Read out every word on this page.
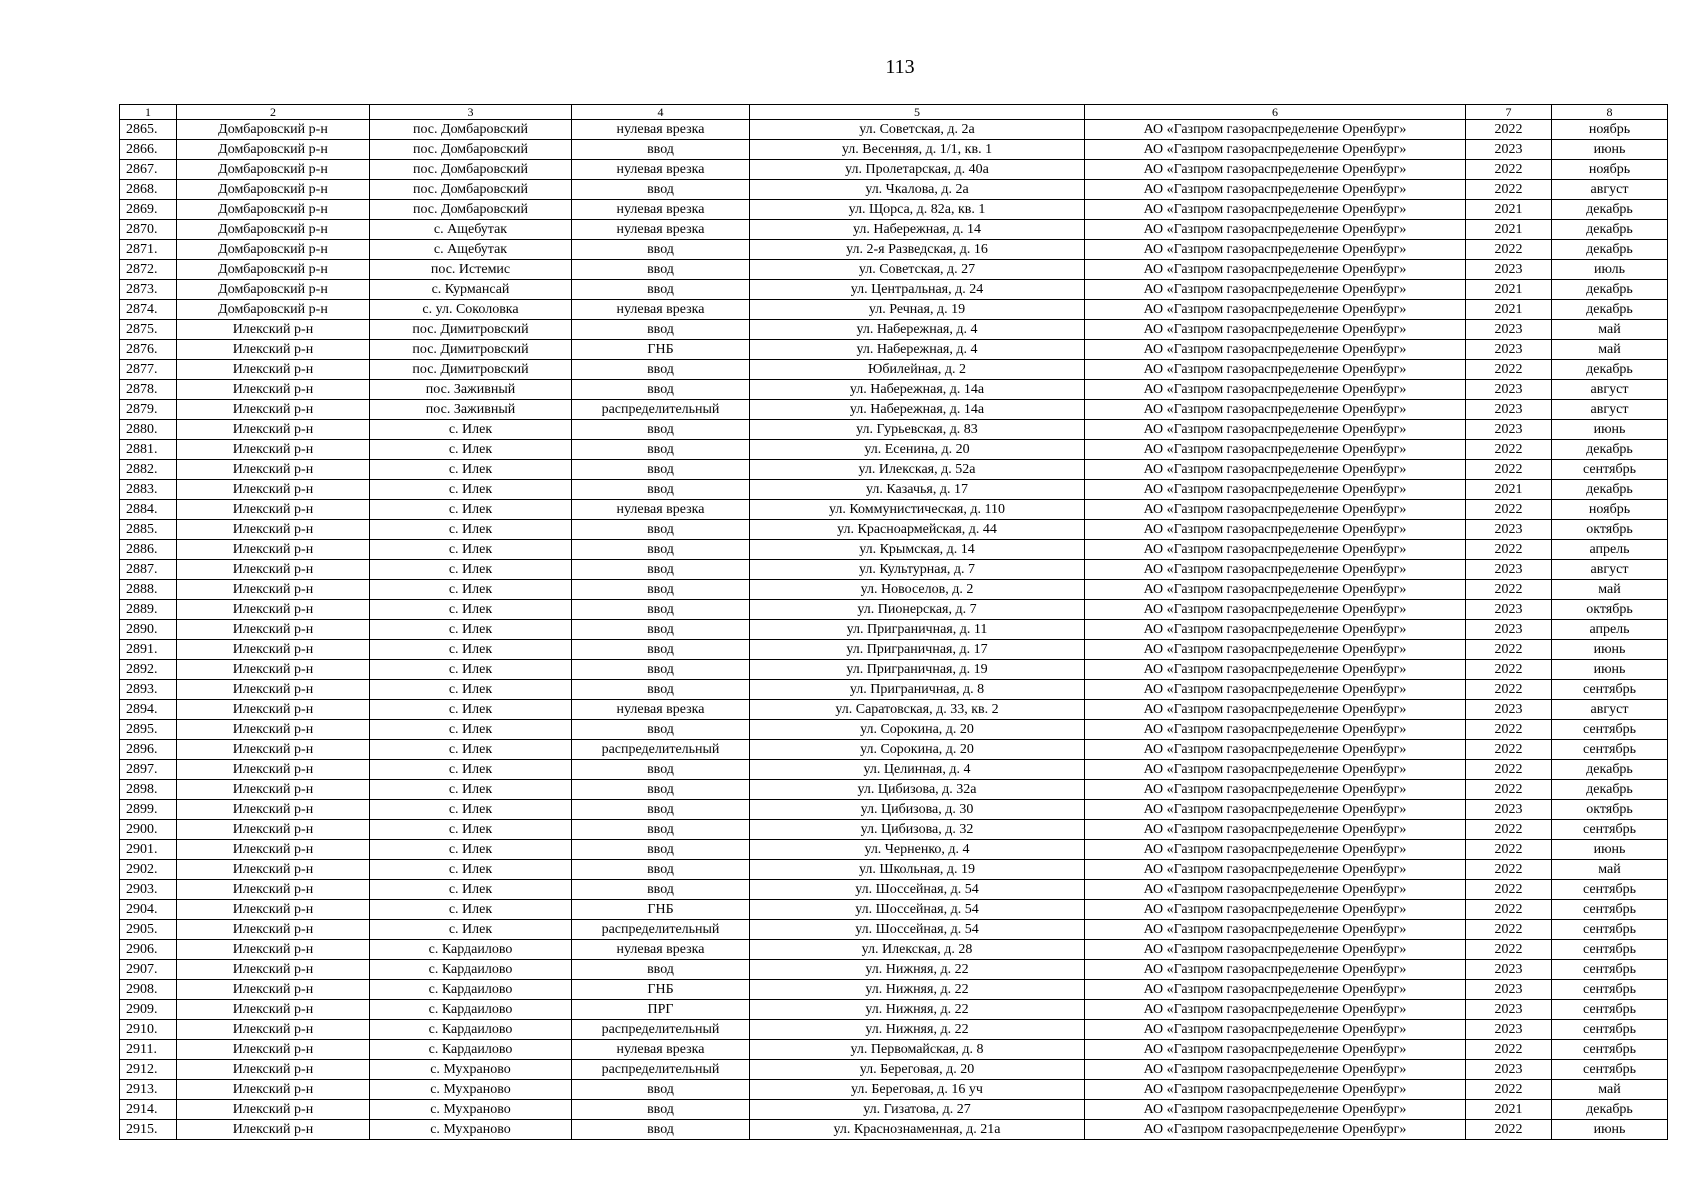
113
1	2	3	4	5	6	7	8
2865.	Домбаровский р-н	пос. Домбаровский	нулевая врезка	ул. Советская, д. 2а	АО «Газпром газораспределение Оренбург»	2022	ноябрь
2866.	Домбаровский р-н	пос. Домбаровский	ввод	ул. Весенняя, д. 1/1, кв. 1	АО «Газпром газораспределение Оренбург»	2023	июнь
2867.	Домбаровский р-н	пос. Домбаровский	нулевая врезка	ул. Пролетарская, д. 40а	АО «Газпром газораспределение Оренбург»	2022	ноябрь
2868.	Домбаровский р-н	пос. Домбаровский	ввод	ул. Чкалова, д. 2а	АО «Газпром газораспределение Оренбург»	2022	август
2869.	Домбаровский р-н	пос. Домбаровский	нулевая врезка	ул. Щорса, д. 82а, кв. 1	АО «Газпром газораспределение Оренбург»	2021	декабрь
2870.	Домбаровский р-н	с. Ащебутак	нулевая врезка	ул. Набережная, д. 14	АО «Газпром газораспределение Оренбург»	2021	декабрь
2871.	Домбаровский р-н	с. Ащебутак	ввод	ул. 2-я Разведская, д. 16	АО «Газпром газораспределение Оренбург»	2022	декабрь
2872.	Домбаровский р-н	пос. Истемис	ввод	ул. Советская, д. 27	АО «Газпром газораспределение Оренбург»	2023	июль
2873.	Домбаровский р-н	с. Курмансай	ввод	ул. Центральная, д. 24	АО «Газпром газораспределение Оренбург»	2021	декабрь
2874.	Домбаровский р-н	с. ул. Соколовка	нулевая врезка	ул. Речная, д. 19	АО «Газпром газораспределение Оренбург»	2021	декабрь
2875.	Илекский р-н	пос. Димитровский	ввод	ул. Набережная, д. 4	АО «Газпром газораспределение Оренбург»	2023	май
2876.	Илекский р-н	пос. Димитровский	ГНБ	ул. Набережная, д. 4	АО «Газпром газораспределение Оренбург»	2023	май
2877.	Илекский р-н	пос. Димитровский	ввод	Юбилейная, д. 2	АО «Газпром газораспределение Оренбург»	2022	декабрь
2878.	Илекский р-н	пос. Заживный	ввод	ул. Набережная, д. 14а	АО «Газпром газораспределение Оренбург»	2023	август
2879.	Илекский р-н	пос. Заживный	распределительный	ул. Набережная, д. 14а	АО «Газпром газораспределение Оренбург»	2023	август
2880.	Илекский р-н	с. Илек	ввод	ул. Гурьевская, д. 83	АО «Газпром газораспределение Оренбург»	2023	июнь
2881.	Илекский р-н	с. Илек	ввод	ул. Есенина, д. 20	АО «Газпром газораспределение Оренбург»	2022	декабрь
2882.	Илекский р-н	с. Илек	ввод	ул. Илекская, д. 52а	АО «Газпром газораспределение Оренбург»	2022	сентябрь
2883.	Илекский р-н	с. Илек	ввод	ул. Казачья, д. 17	АО «Газпром газораспределение Оренбург»	2021	декабрь
2884.	Илекский р-н	с. Илек	нулевая врезка	ул. Коммунистическая, д. 110	АО «Газпром газораспределение Оренбург»	2022	ноябрь
2885.	Илекский р-н	с. Илек	ввод	ул. Красноармейская, д. 44	АО «Газпром газораспределение Оренбург»	2023	октябрь
2886.	Илекский р-н	с. Илек	ввод	ул. Крымская, д. 14	АО «Газпром газораспределение Оренбург»	2022	апрель
2887.	Илекский р-н	с. Илек	ввод	ул. Культурная, д. 7	АО «Газпром газораспределение Оренбург»	2023	август
2888.	Илекский р-н	с. Илек	ввод	ул. Новоселов, д. 2	АО «Газпром газораспределение Оренбург»	2022	май
2889.	Илекский р-н	с. Илек	ввод	ул. Пионерская, д. 7	АО «Газпром газораспределение Оренбург»	2023	октябрь
2890.	Илекский р-н	с. Илек	ввод	ул. Приграничная, д. 11	АО «Газпром газораспределение Оренбург»	2023	апрель
2891.	Илекский р-н	с. Илек	ввод	ул. Приграничная, д. 17	АО «Газпром газораспределение Оренбург»	2022	июнь
2892.	Илекский р-н	с. Илек	ввод	ул. Приграничная, д. 19	АО «Газпром газораспределение Оренбург»	2022	июнь
2893.	Илекский р-н	с. Илек	ввод	ул. Приграничная, д. 8	АО «Газпром газораспределение Оренбург»	2022	сентябрь
2894.	Илекский р-н	с. Илек	нулевая врезка	ул. Саратовская, д. 33, кв. 2	АО «Газпром газораспределение Оренбург»	2023	август
2895.	Илекский р-н	с. Илек	ввод	ул. Сорокина, д. 20	АО «Газпром газораспределение Оренбург»	2022	сентябрь
2896.	Илекский р-н	с. Илек	распределительный	ул. Сорокина, д. 20	АО «Газпром газораспределение Оренбург»	2022	сентябрь
2897.	Илекский р-н	с. Илек	ввод	ул. Целинная, д. 4	АО «Газпром газораспределение Оренбург»	2022	декабрь
2898.	Илекский р-н	с. Илек	ввод	ул. Цибизова, д. 32а	АО «Газпром газораспределение Оренбург»	2022	декабрь
2899.	Илекский р-н	с. Илек	ввод	ул. Цибизова, д. 30	АО «Газпром газораспределение Оренбург»	2023	октябрь
2900.	Илекский р-н	с. Илек	ввод	ул. Цибизова, д. 32	АО «Газпром газораспределение Оренбург»	2022	сентябрь
2901.	Илекский р-н	с. Илек	ввод	ул. Черненко, д. 4	АО «Газпром газораспределение Оренбург»	2022	июнь
2902.	Илекский р-н	с. Илек	ввод	ул. Школьная, д. 19	АО «Газпром газораспределение Оренбург»	2022	май
2903.	Илекский р-н	с. Илек	ввод	ул. Шоссейная, д. 54	АО «Газпром газораспределение Оренбург»	2022	сентябрь
2904.	Илекский р-н	с. Илек	ГНБ	ул. Шоссейная, д. 54	АО «Газпром газораспределение Оренбург»	2022	сентябрь
2905.	Илекский р-н	с. Илек	распределительный	ул. Шоссейная, д. 54	АО «Газпром газораспределение Оренбург»	2022	сентябрь
2906.	Илекский р-н	с. Кардаилово	нулевая врезка	ул. Илекская, д. 28	АО «Газпром газораспределение Оренбург»	2022	сентябрь
2907.	Илекский р-н	с. Кардаилово	ввод	ул. Нижняя, д. 22	АО «Газпром газораспределение Оренбург»	2023	сентябрь
2908.	Илекский р-н	с. Кардаилово	ГНБ	ул. Нижняя, д. 22	АО «Газпром газораспределение Оренбург»	2023	сентябрь
2909.	Илекский р-н	с. Кардаилово	ПРГ	ул. Нижняя, д. 22	АО «Газпром газораспределение Оренбург»	2023	сентябрь
2910.	Илекский р-н	с. Кардаилово	распределительный	ул. Нижняя, д. 22	АО «Газпром газораспределение Оренбург»	2023	сентябрь
2911.	Илекский р-н	с. Кардаилово	нулевая врезка	ул. Первомайская, д. 8	АО «Газпром газораспределение Оренбург»	2022	сентябрь
2912.	Илекский р-н	с. Мухраново	распределительный	ул. Береговая, д. 20	АО «Газпром газораспределение Оренбург»	2023	сентябрь
2913.	Илекский р-н	с. Мухраново	ввод	ул. Береговая, д. 16 уч	АО «Газпром газораспределение Оренбург»	2022	май
2914.	Илекский р-н	с. Мухраново	ввод	ул. Гизатова, д. 27	АО «Газпром газораспределение Оренбург»	2021	декабрь
2915.	Илекский р-н	с. Мухраново	ввод	ул. Краснознаменная, д. 21а	АО «Газпром газораспределение Оренбург»	2022	июнь
